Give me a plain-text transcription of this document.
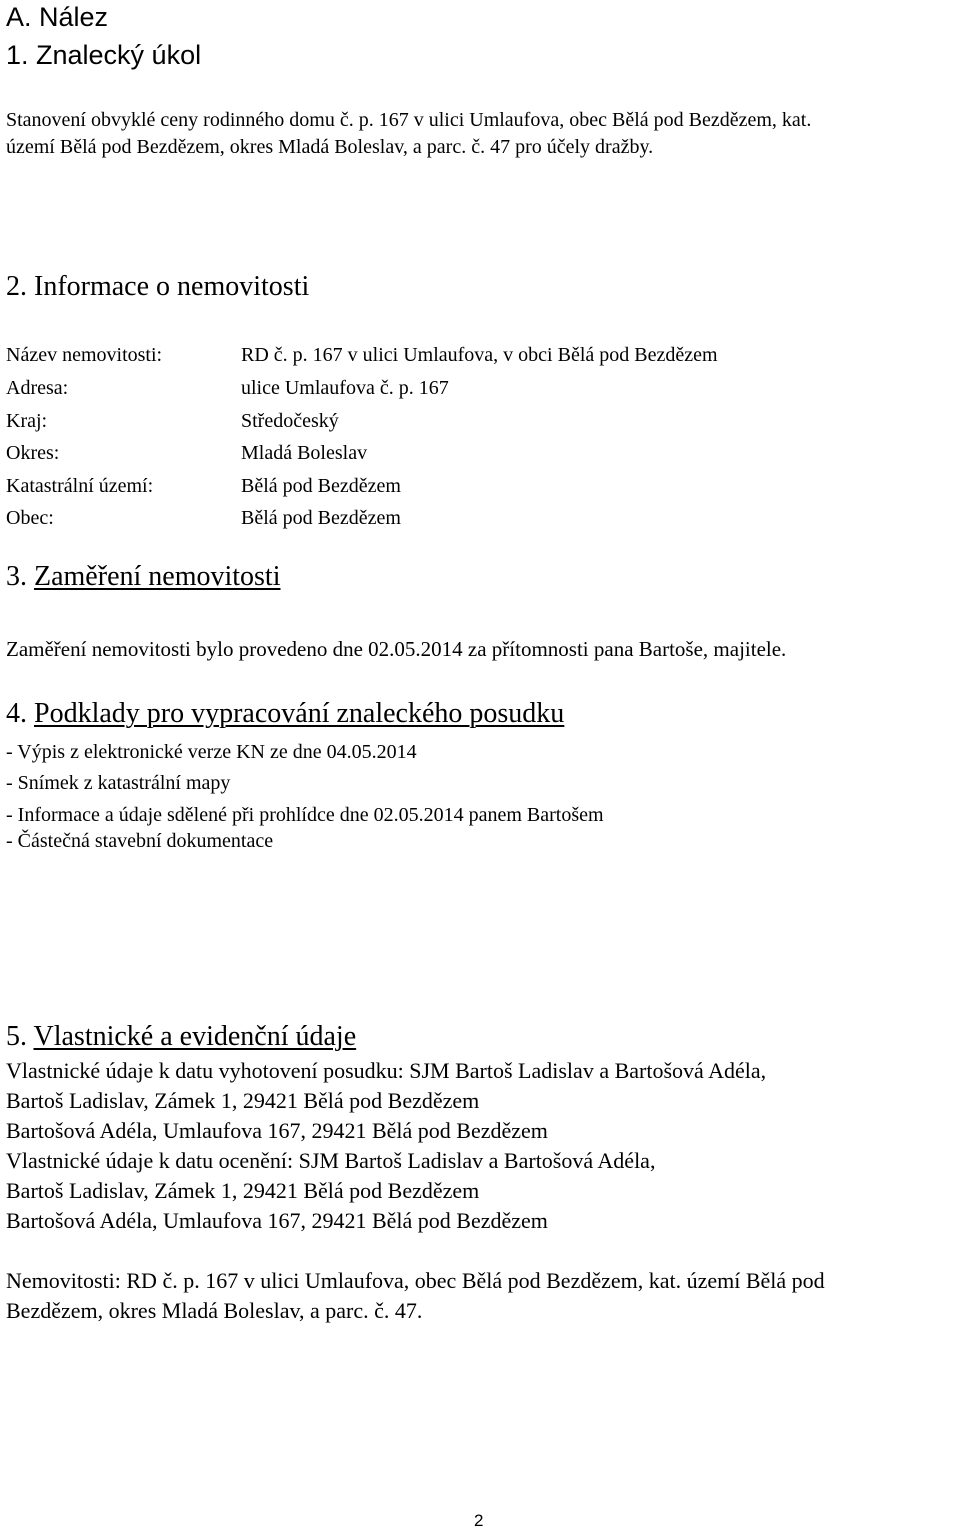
A. Nález
1. Znalecký úkol
Stanovení obvyklé ceny rodinného domu č. p. 167 v ulici Umlaufova, obec Bělá pod Bezdězem, kat.
území Bělá pod Bezdězem, okres Mladá Boleslav, a parc. č. 47 pro účely dražby.
2. Informace o nemovitosti
Název nemovitosti:	RD č. p. 167 v ulici Umlaufova, v obci Bělá pod Bezdězem
Adresa:	ulice Umlaufova č. p. 167
Kraj:	Středočeský
Okres:	Mladá Boleslav
Katastrální území:	Bělá pod Bezdězem
Obec:	Bělá pod Bezdězem
3. Zaměření nemovitosti
Zaměření nemovitosti bylo provedeno dne 02.05.2014 za přítomnosti pana Bartoše, majitele.
4. Podklady pro vypracování znaleckého posudku
- Výpis z elektronické verze KN ze dne 04.05.2014
- Snímek z katastrální mapy
- Informace a údaje sdělené při prohlídce dne 02.05.2014 panem Bartošem
- Částečná stavební dokumentace
5. Vlastnické a evidenční údaje
Vlastnické údaje k datu vyhotovení posudku: SJM Bartoš Ladislav a Bartošová Adéla,
Bartoš Ladislav, Zámek 1, 29421 Bělá pod Bezdězem
Bartošová Adéla, Umlaufova 167, 29421 Bělá pod Bezdězem
Vlastnické údaje k datu ocenění: SJM Bartoš Ladislav a Bartošová Adéla,
Bartoš Ladislav, Zámek 1, 29421 Bělá pod Bezdězem
Bartošová Adéla, Umlaufova 167, 29421 Bělá pod Bezdězem
Nemovitosti: RD č. p. 167 v ulici Umlaufova, obec Bělá pod Bezdězem, kat. území Bělá pod
Bezdězem, okres Mladá Boleslav, a parc. č. 47.
2
